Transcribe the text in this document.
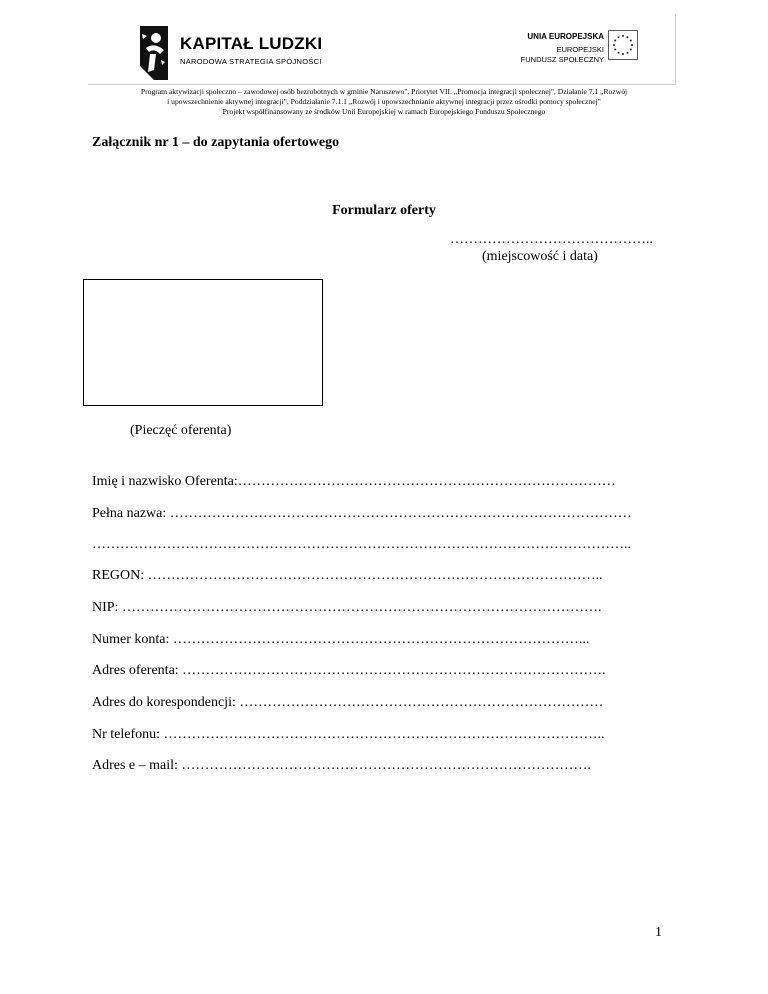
KAPITAŁ LUDZKI
NARODOWA STRATEGIA SPÓJNOŚCI
UNIA EUROPEJSKA
EUROPEJSKI
FUNDUSZ SPOŁECZNY
Program aktywizacji społeczno – zawodowej osób bezrobotnych w gminie Naruszewo", Priorytet VII. „Promocja integracji społecznej", Działanie 7.1 „Rozwój
i upowszechnienie aktywnej integracji", Poddziałanie 7.1.1 „Rozwój i upowszechnianie aktywnej integracji przez ośrodki pomocy społecznej"
Projekt współfinansowany ze środków Unii Europejskiej w ramach Europejskiego Funduszu Społecznego
Załącznik nr 1 – do zapytania ofertowego
Formularz oferty
……………………………………..
(miejscowość i data)
(Pieczęć oferenta)
Imię i nazwisko Oferenta:………………………………………………………………………
Pełna nazwa: ………………………………………………………………………………………
……………………………………………………………………………………………………..
REGON: ……………………………………………………………………………………..
NIP: ………………………………………………………………………………………….
Numer konta: ……………………………………………………………………………...
Adres oferenta: ……………………………………………………………………………….
Adres do korespondencji: ……………………………………………………………………
Nr telefonu: …………………………………………………………………………………..
Adres e – mail: …………………………………………………………………………….
1
